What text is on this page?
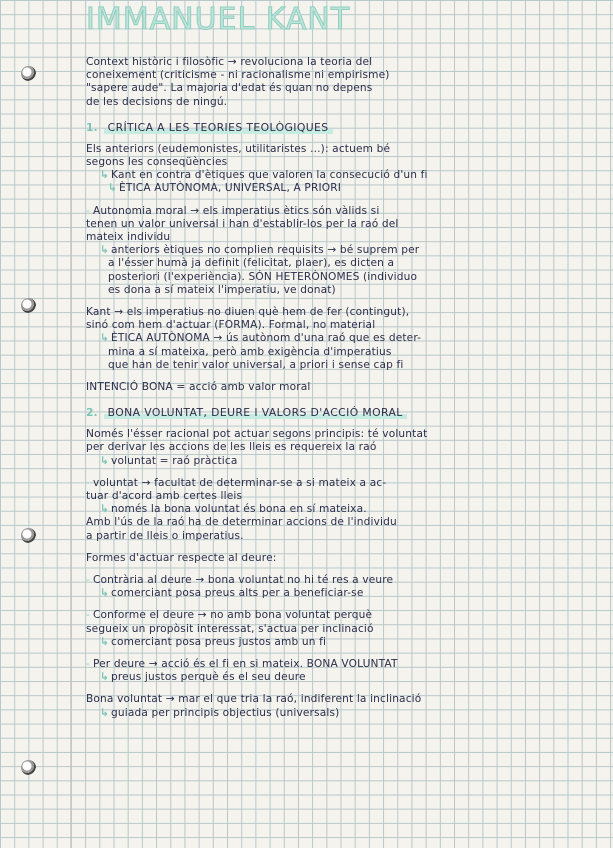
IMMANUEL KANT
Context històric i filosòfic → revoluciona la teoria del
coneixement (criticisme - ni racionalisme ni empirisme)
"sapere aude". La majoria d'edat és quan no depens
de les decisions de ningú.
1. CRÍTICA A LES TEORIES TEOLÒGIQUES
Els anteriors (eudemonistes, utilitaristes ...): actuem bé
segons les conseqüències
↳ Kant en contra d'ètiques que valoren la consecució d'un fi
↳ ÈTICA AUTÒNOMA, UNIVERSAL, A PRIORI
- Autonomia moral → els imperatius ètics són vàlids si
tenen un valor universal i han d'establir-los per la raó del
mateix individu
↳ anteriors ètiques no complien requisits → bé suprem per
a l'ésser humà ja definit (felicitat, plaer), es dicten a
posteriori (l'experiència). SÓN HETERÒNOMES (individuo
es dona a sí mateix l'imperatiu, ve donat)
Kant → els imperatius no diuen què hem de fer (contingut),
sinó com hem d'actuar (FORMA). Formal, no material
↳ ÈTICA AUTÒNOMA → ús autònom d'una raó que es deter-
mina a sí mateixa, però amb exigència d'imperatius
que han de tenir valor universal, a priori i sense cap fi
INTENCIÓ BONA = acció amb valor moral
2. BONA VOLUNTAT, DEURE I VALORS D'ACCIÓ MORAL
Només l'ésser racional pot actuar segons principis: té voluntat
per derivar les accions de les lleis es requereix la raó
↳ voluntat = raó pràctica
- voluntat → facultat de determinar-se a si mateix a ac-
tuar d'acord amb certes lleis
↳ només la bona voluntat és bona en sí mateixa.
Amb l'ús de la raó ha de determinar accions de l'individu
a partir de lleis o imperatius.
Formes d'actuar respecte al deure:
- Contrària al deure → bona voluntat no hi té res a veure
↳ comerciant posa preus alts per a beneficiar-se
- Conforme el deure → no amb bona voluntat perquè
segueix un propòsit interessat, s'actua per inclinació
↳ comerciant posa preus justos amb un fi
- Per deure → acció és el fi en si mateix. BONA VOLUNTAT
↳ preus justos perquè és el seu deure
Bona voluntat → mar el que tria la raó, indiferent la inclinació
↳ guiada per principis objectius (universals)
